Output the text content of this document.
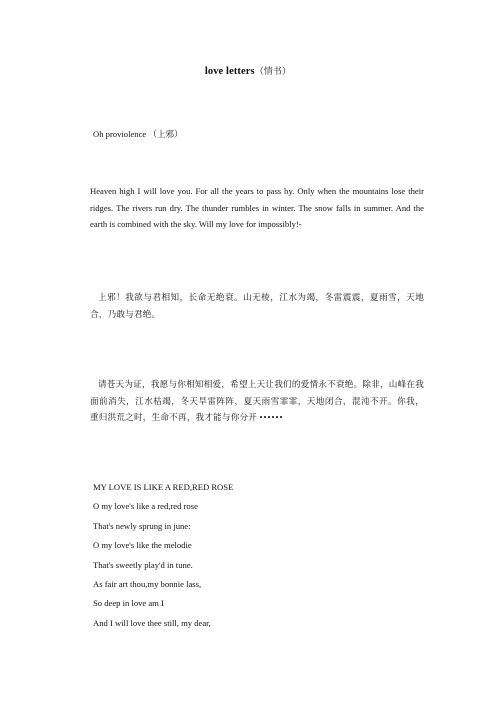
love letters（情书）
Oh proviolence （上邪）
Heaven high I will love you. For all the years to pass by. Only when the mountains lose their ridges. The rivers run dry. The thunder rumbles in winter. The snow falls in summer. And the earth is combined with the sky. Will my love for impossibly!-
上邪！我欲与君相知，长命无绝衰。山无棱，江水为竭，冬雷震震，夏雨雪，天地合，乃敢与君绝。
请苍天为证，我愿与你相知相爱，希望上天让我们的爱情永不衰绝。除非，山峰在我面前消失，江水枯竭，冬天旱雷阵阵，夏天雨雪霏霏，天地闭合，混沌不开。你我，重归洪荒之时，生命不再，我才能与你分开 ••••••
MY LOVE IS LIKE A RED,RED ROSE
O my love's like a red,red rose
That's newly sprung in june:
O my love's like the melodie
That's sweetly play'd in tune.
As fair art thou,my bonnie lass,
So deep in love am I
And I will love thee still, my dear,
